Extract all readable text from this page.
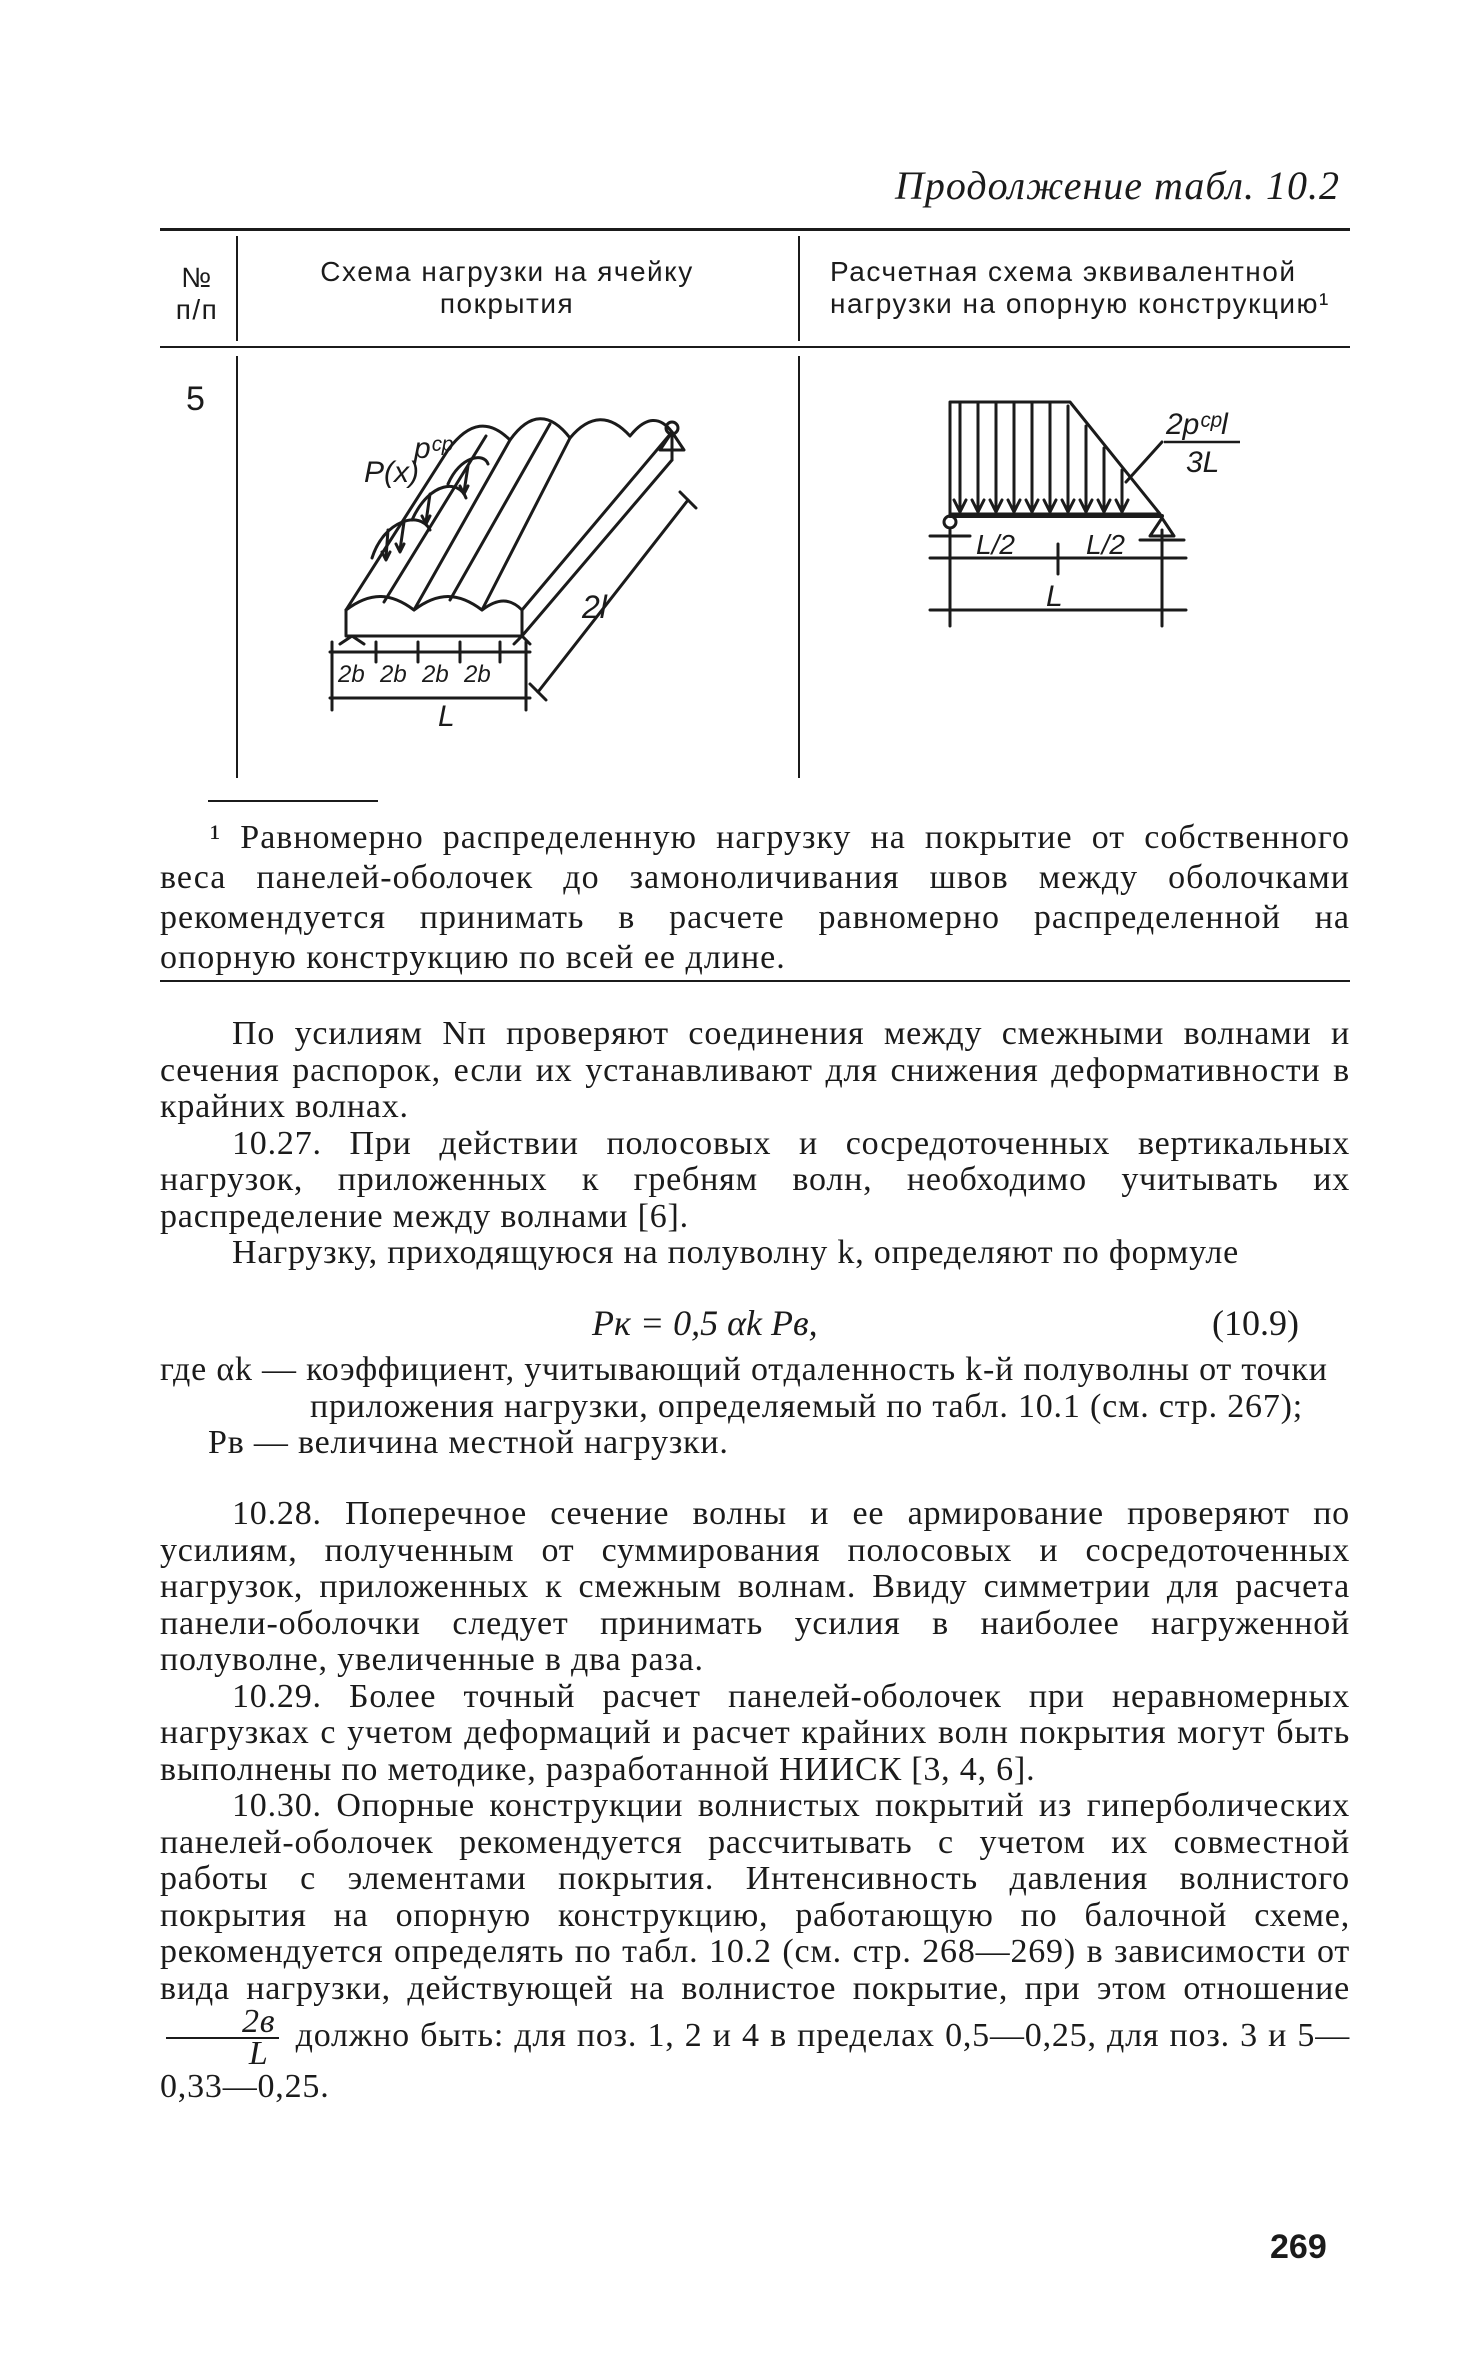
Продолжение табл. 10.2
№ п/п
Схема нагрузки на ячейку покрытия
Расчетная схема эквивалентной нагрузки на опорную конструкцию¹
5
P(x)
pᶜᵖ
2l
2b 2b 2b 2b
L
2pᶜᵖl
3L
L/2	L/2
L
¹ Равномерно распределенную нагрузку на покрытие от собственного веса панелей-оболочек до замоноличивания швов между оболочками рекомендуется принимать в расчете равномерно распределенной на опорную конструкцию по всей ее длине.

По усилиям Nп проверяют соединения между смежными волнами и сечения распорок, если их устанавливают для снижения деформативности в крайних волнах.

10.27. При действии полосовых и сосредоточенных вертикальных нагрузок, приложенных к гребням волн, необходимо учитывать их распределение между волнами [6].

Нагрузку, приходящуюся на полуволну k, определяют по формуле

Pк = 0,5 αk Pв,	(10.9)

где αk — коэффициент, учитывающий отдаленность k-й полуволны от точки приложения нагрузки, определяемый по табл. 10.1 (см. стр. 267);

Pв — величина местной нагрузки.

10.28. Поперечное сечение волны и ее армирование проверяют по усилиям, полученным от суммирования полосовых и сосредоточенных нагрузок, приложенных к смежным волнам. Ввиду симметрии для расчета панели-оболочки следует принимать усилия в наиболее нагруженной полуволне, увеличенные в два раза.

10.29. Более точный расчет панелей-оболочек при неравномерных нагрузках с учетом деформаций и расчет крайних волн покрытия могут быть выполнены по методике, разработанной НИИСК [3, 4, 6].

10.30. Опорные конструкции волнистых покрытий из гиперболических панелей-оболочек рекомендуется рассчитывать с учетом их совместной работы с элементами покрытия. Интенсивность давления волнистого покрытия на опорную конструкцию, работающую по балочной схеме, рекомендуется определять по табл. 10.2 (см. стр. 268—269) в зависимости от вида нагрузки, действующей на волнистое покрытие, при этом отношение
2в
L должно быть: для поз. 1, 2 и 4 в пределах 0,5—0,25, для поз. 3 и 5—0,33—0,25.

269
